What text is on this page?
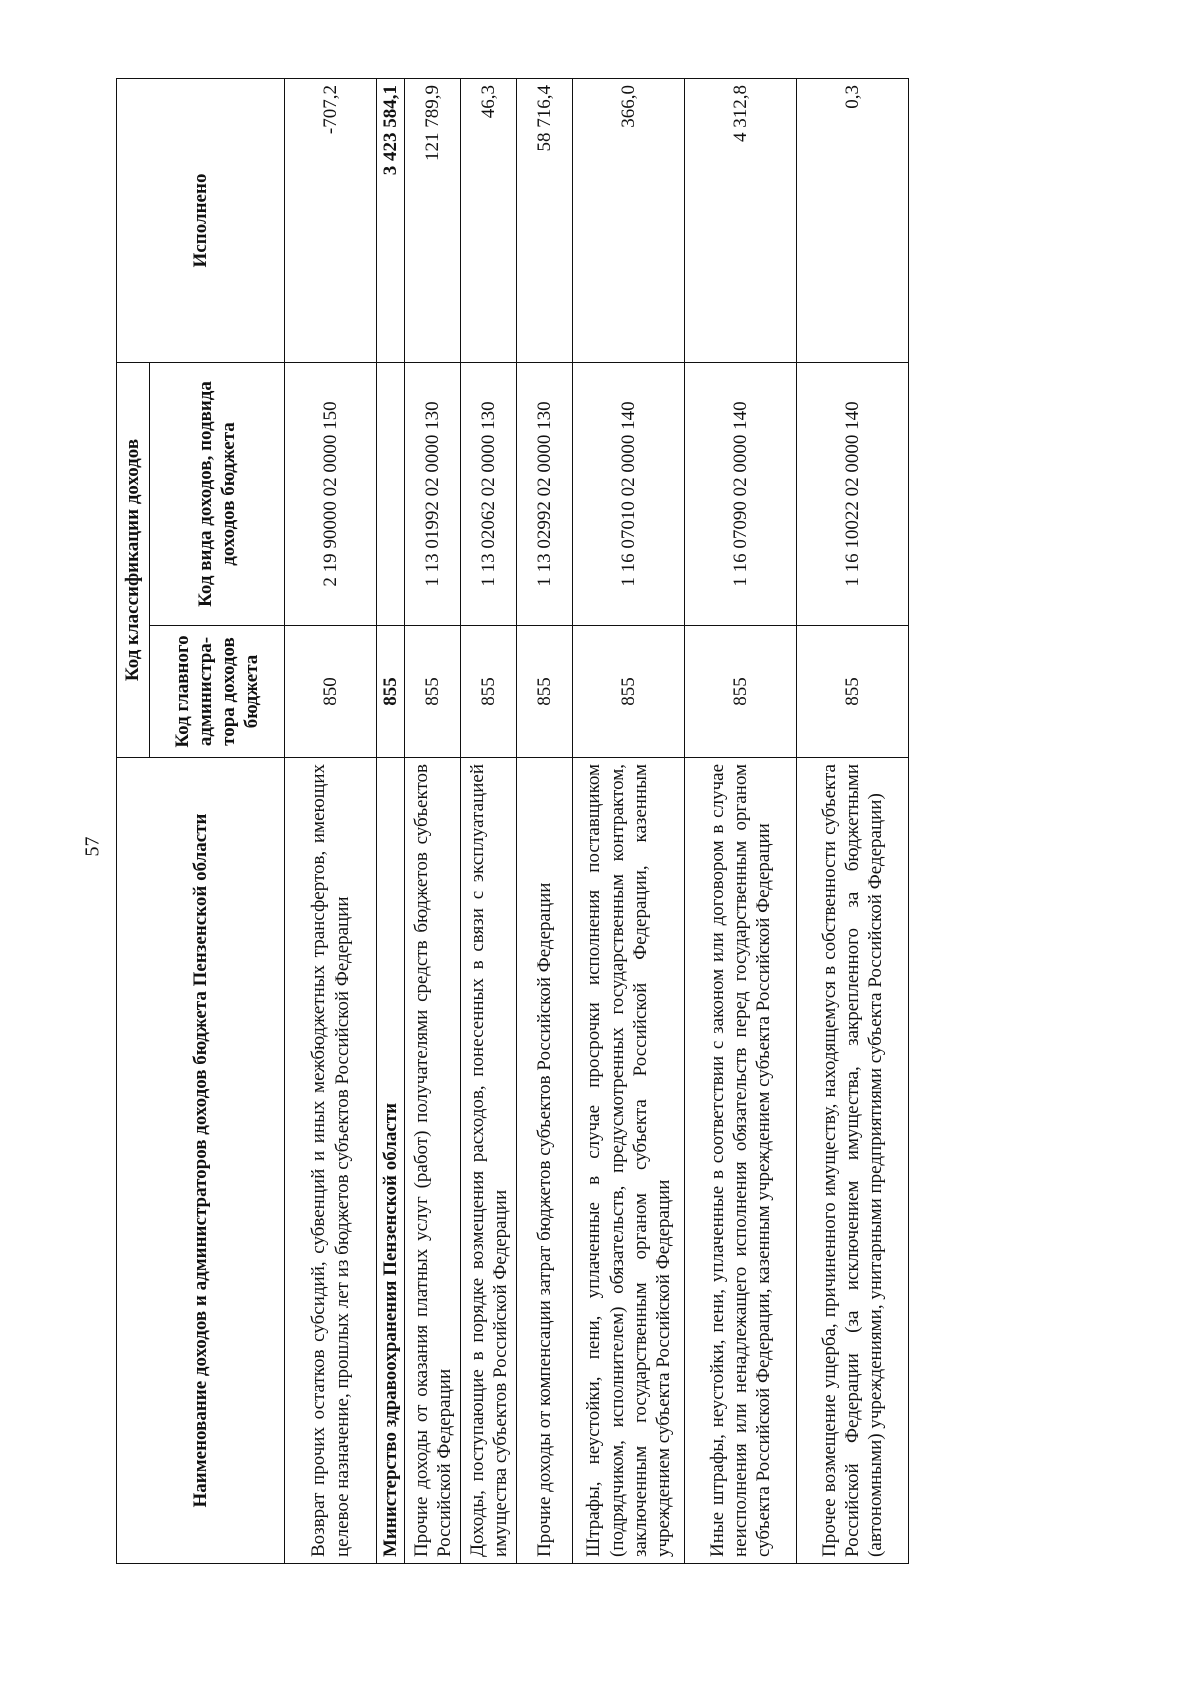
57	Наименование доходов и администраторов доходов бюджета Пензенской области	Код классификации доходов		Исполнено
	Код главного администра-тора доходов бюджета	Код вида доходов, подвида доходов бюджета	
Возврат прочих остатков субсидий, субвенций и иных межбюджетных трансфертов, имеющих целевое назначение, прошлых лет из бюджетов субъектов Российской Федерации	850	2 19 90000 02 0000 150	-707,2
Министерство здравоохранения Пензенской области	855		3 423 584,1
Прочие доходы от оказания платных услуг (работ) получателями средств бюджетов субъектов Российской Федерации	855	1 13 01992 02 0000 130	121 789,9
Доходы, поступающие в порядке возмещения расходов, понесенных в связи с эксплуатацией имущества субъектов Российской Федерации	855	1 13 02062 02 0000 130	46,3
Прочие доходы от компенсации затрат бюджетов субъектов Российской Федерации	855	1 13 02992 02 0000 130	58 716,4
Штрафы, неустойки, пени, уплаченные в случае просрочки исполнения поставщиком (подрядчиком, исполнителем) обязательств, предусмотренных государственным контрактом, заключенным государственным органом субъекта Российской Федерации, казенным учреждением субъекта Российской Федерации	855	1 16 07010 02 0000 140	366,0
Иные штрафы, неустойки, пени, уплаченные в соответствии с законом или договором в случае неисполнения или ненадлежащего исполнения обязательств перед государственным органом субъекта Российской Федерации, казенным учреждением субъекта Российской Федерации	855	1 16 07090 02 0000 140	4 312,8
Прочее возмещение ущерба, причиненного имуществу, находящемуся в собственности субъекта Российской Федерации (за исключением имущества, закрепленного за бюджетными (автономными) учреждениями, унитарными предприятиями субъекта Российской Федерации)	855	1 16 10022 02 0000 140	0,3
